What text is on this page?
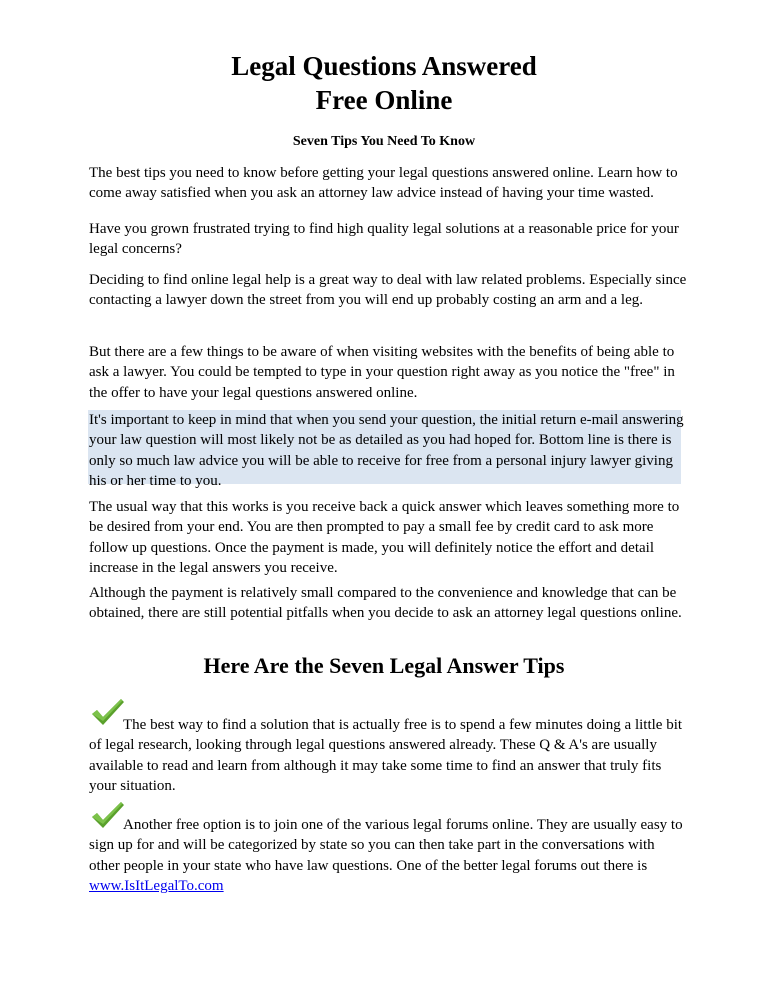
Legal Questions Answered
Free Online

Seven Tips You Need To Know

The best tips you need to know before getting your legal questions answered online. Learn how to come away satisfied when you ask an attorney law advice instead of having your time wasted.

Have you grown frustrated trying to find high quality legal solutions at a reasonable price for your legal concerns?

Deciding to find online legal help is a great way to deal with law related problems. Especially since contacting a lawyer down the street from you will end up probably costing an arm and a leg.

But there are a few things to be aware of when visiting websites with the benefits of being able to ask a lawyer. You could be tempted to type in your question right away as you notice the "free" in the offer to have your legal questions answered online.

It's important to keep in mind that when you send your question, the initial return e-mail answering your law question will most likely not be as detailed as you had hoped for. Bottom line is there is only so much law advice you will be able to receive for free from a personal injury lawyer giving his or her time to you.

The usual way that this works is you receive back a quick answer which leaves something more to be desired from your end. You are then prompted to pay a small fee by credit card to ask more follow up questions. Once the payment is made, you will definitely notice the effort and detail increase in the legal answers you receive.

Although the payment is relatively small compared to the convenience and knowledge that can be obtained, there are still potential pitfalls when you decide to ask an attorney legal questions online.

Here Are the Seven Legal Answer Tips

The best way to find a solution that is actually free is to spend a few minutes doing a little bit of legal research, looking through legal questions answered already. These Q & A's are usually available to read and learn from although it may take some time to find an answer that truly fits your situation.

Another free option is to join one of the various legal forums online. They are usually easy to sign up for and will be categorized by state so you can then take part in the conversations with other people in your state who have law questions. One of the better legal forums out there is
www.IsItLegalTo.com
